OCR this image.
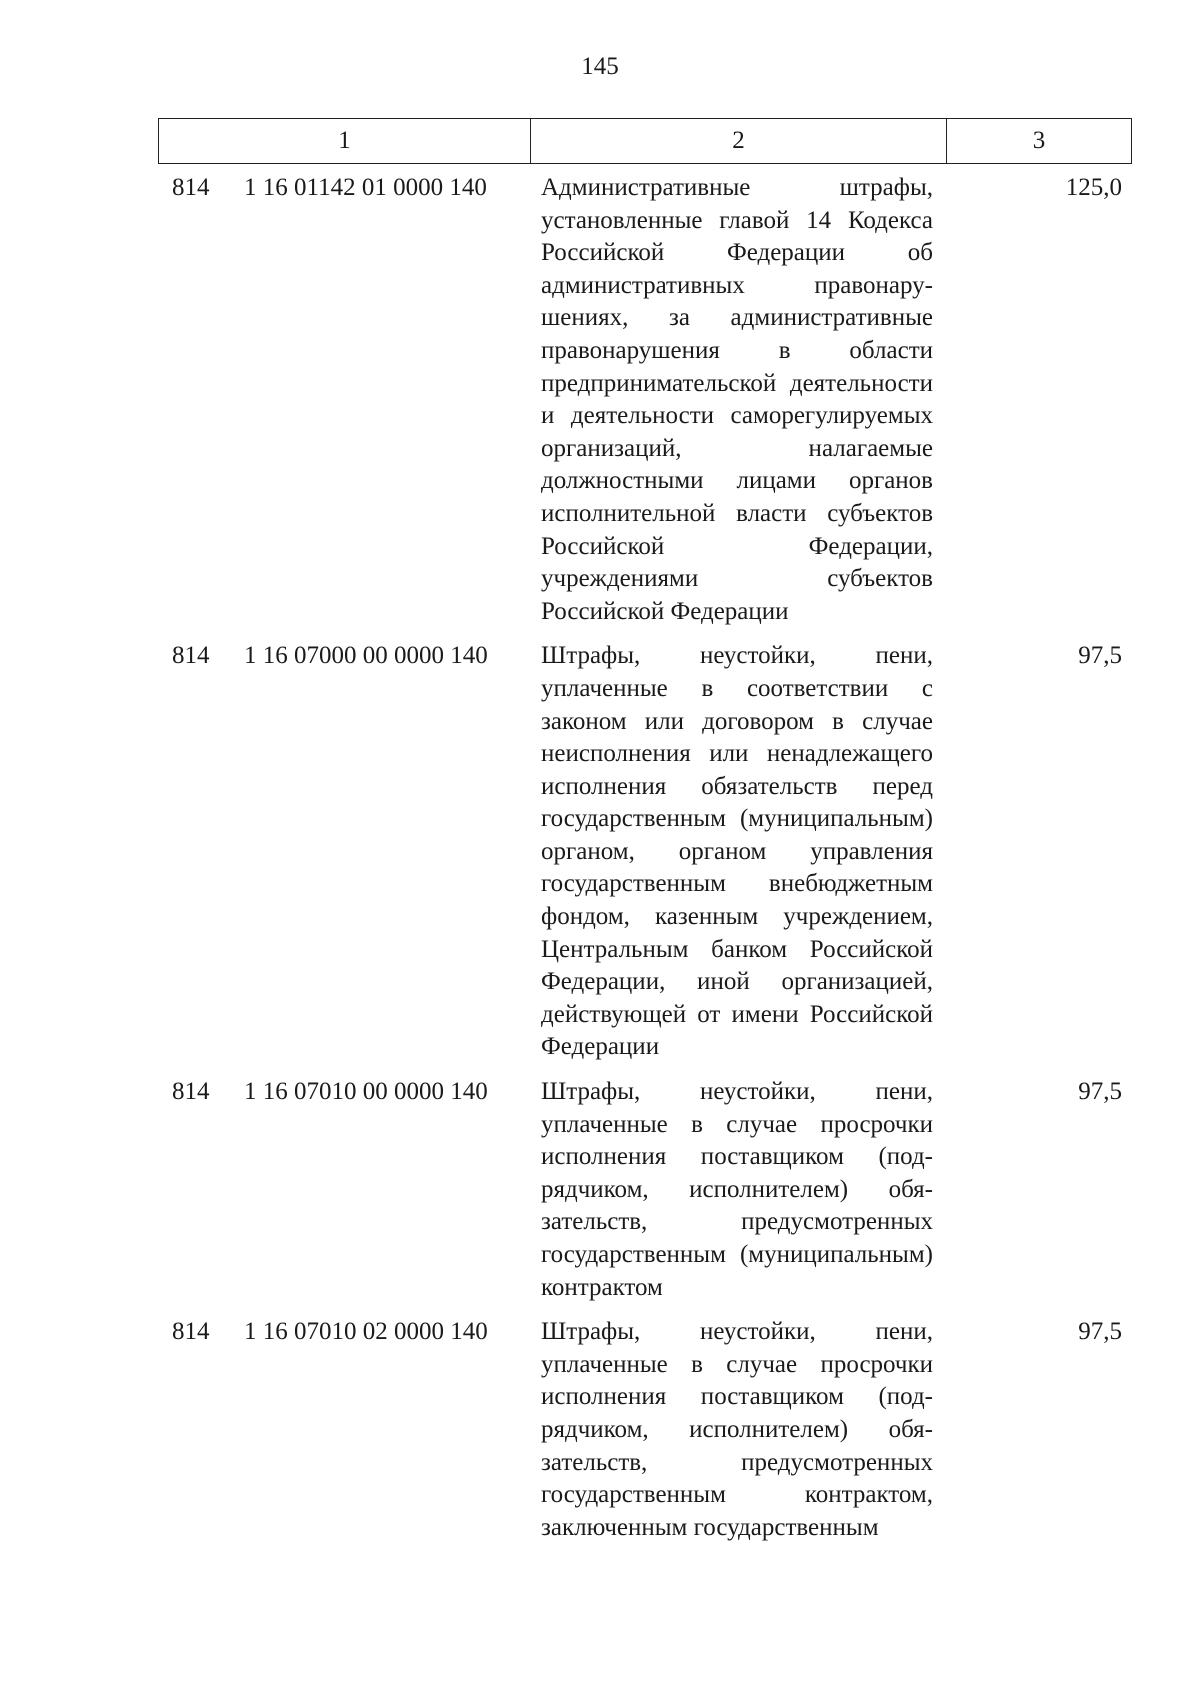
145
1	2	3
814 1 16 01142 01 0000 140 Административные штрафы, установленные главой 14 Кодекса Российской Федерации об административных правонарушениях, за административные правонарушения в области предпринимательской деятельности и деятельности саморегулируемых организаций, налагаемые должностными лицами органов исполнительной власти субъектов Российской Федерации, учреждениями субъектов Российской Федерации
125,0
814 1 16 07000 00 0000 140 Штрафы, неустойки, пени, уплаченные в соответствии с законом или договором в случае неисполнения или ненадлежащего исполнения обязательств перед государственным (муниципальным) органом, органом управления государственным внебюджетным фондом, казенным учреждением, Центральным банком Российской Федерации, иной организацией, действующей от имени Российской Федерации
97,5
814 1 16 07010 00 0000 140 Штрафы, неустойки, пени, уплаченные в случае просрочки исполнения поставщиком (подрядчиком, исполнителем) обязательств, предусмотренных государственным (муниципальным) контрактом
97,5
814 1 16 07010 02 0000 140 Штрафы, неустойки, пени, уплаченные в случае просрочки исполнения поставщиком (подрядчиком, исполнителем) обязательств, предусмотренных государственным контрактом, заключенным государственным
97,5
